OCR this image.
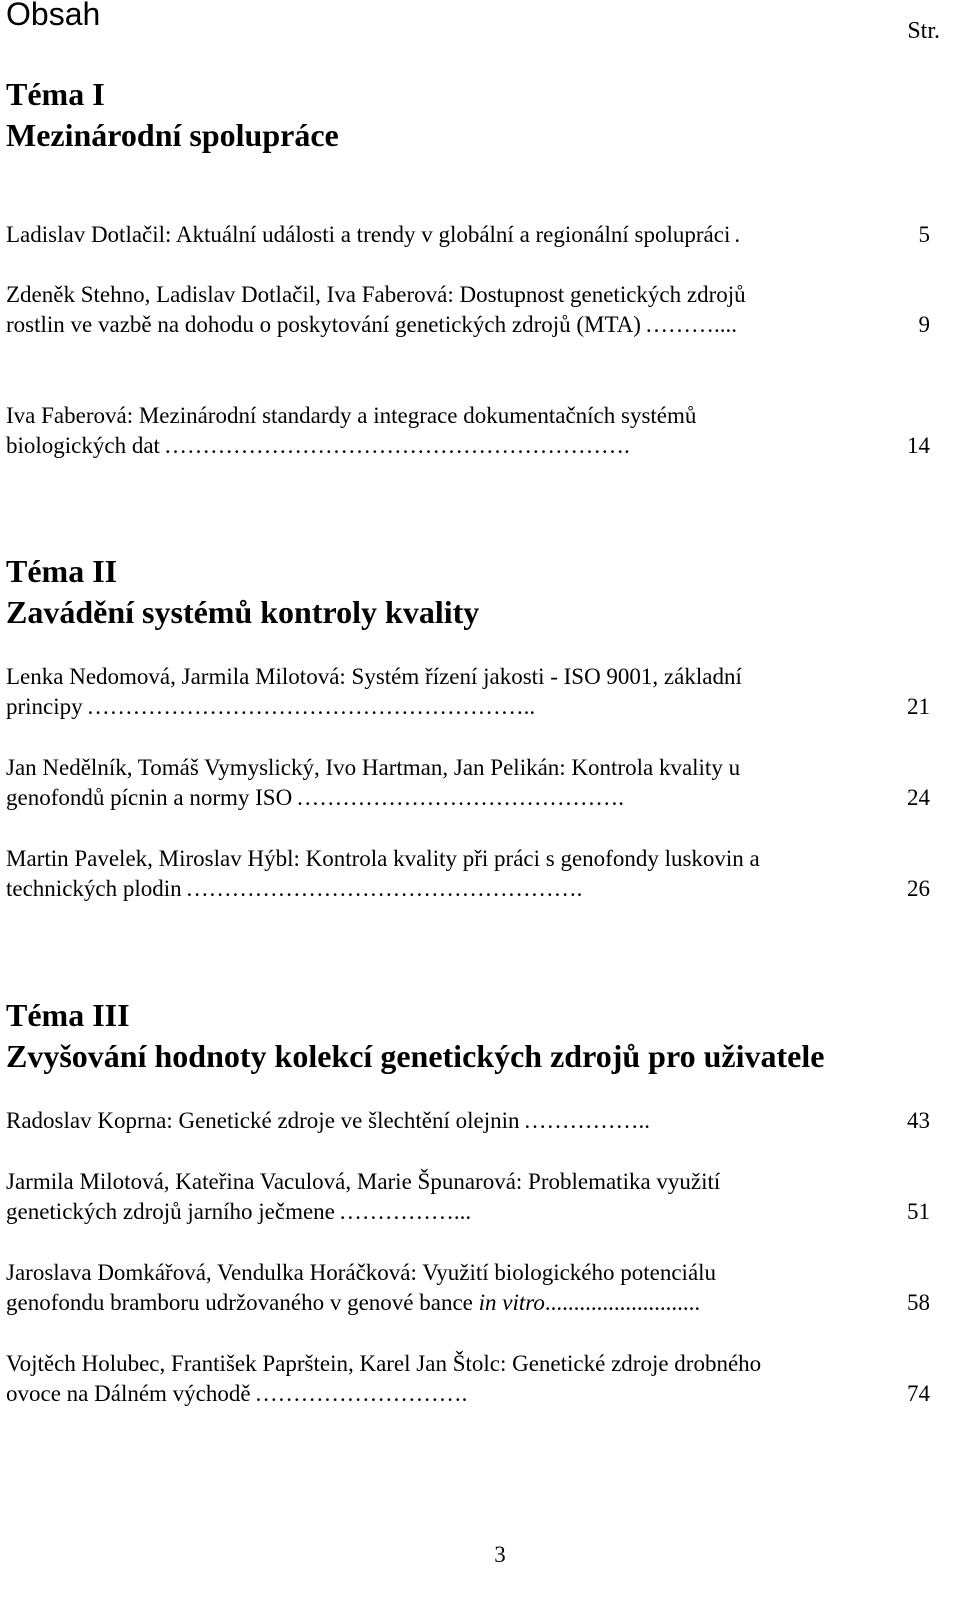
Obsah	Str.
Téma I
Mezinárodní spolupráce
Ladislav Dotlačil: Aktuální události a trendy v globální a regionální spolupráci .	5
Zdeněk Stehno, Ladislav Dotlačil, Iva Faberová: Dostupnost genetických zdrojů
rostlin ve vazbě na dohodu o poskytování genetických zdrojů (MTA) ………....	9
Iva Faberová: Mezinárodní standardy a integrace dokumentačních systémů
biologických dat …………………………………………………….	14
Téma II
Zavádění systémů kontroly kvality
Lenka Nedomová, Jarmila Milotová: Systém řízení jakosti - ISO 9001, základní
principy …………………………………………………..	21
Jan Nedělník, Tomáš Vymyslický, Ivo Hartman, Jan Pelikán: Kontrola kvality u
genofondů pícnin a normy ISO …………………………………….	24
Martin Pavelek, Miroslav Hýbl: Kontrola kvality při práci s genofondy luskovin a
technických plodin …………………………………………….	26
Téma III
Zvyšování hodnoty kolekcí genetických zdrojů pro uživatele
Radoslav Koprna: Genetické zdroje ve šlechtění olejnin ……………..	43
Jarmila Milotová, Kateřina Vaculová, Marie Špunarová: Problematika využití
genetických zdrojů jarního ječmene ……………...	51
Jaroslava Domkářová, Vendulka Horáčková: Využití biologického potenciálu
genofondu bramboru udržovaného v genové bance in vitro ...........................	58
Vojtěch Holubec, František Paprštein, Karel Jan Štolc: Genetické zdroje drobného
ovoce na Dálném východě ……………………….	74
3
